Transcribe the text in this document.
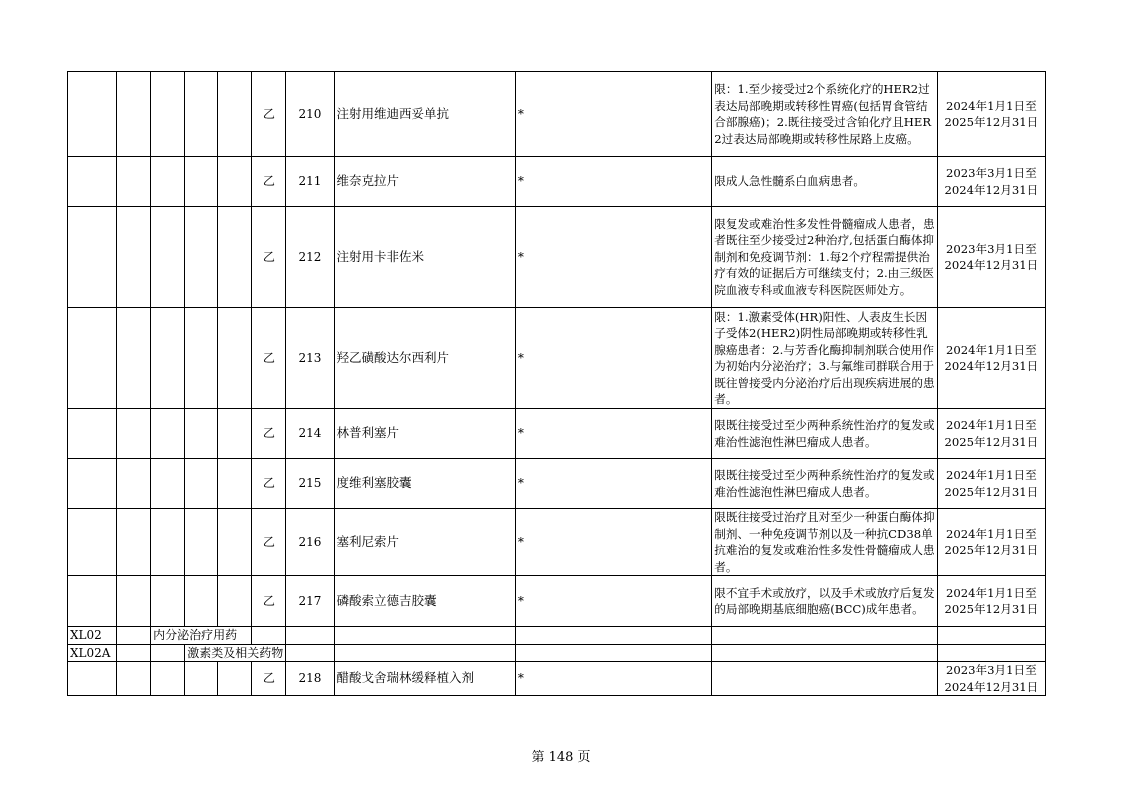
					乙	210	注射用维迪西妥单抗	*	限：1.至少接受过2个系统化疗的HER2过表达局部晚期或转移性胃癌(包括胃食管结合部腺癌)；2.既往接受过含铂化疗且HER2过表达局部晚期或转移性尿路上皮癌。	2024年1月1日至
2025年12月31日

					乙	211	维奈克拉片	*	限成人急性髓系白血病患者。	2023年3月1日至
2024年12月31日

					乙	212	注射用卡非佐米	*	限复发或难治性多发性骨髓瘤成人患者，患者既往至少接受过2种治疗,包括蛋白酶体抑制剂和免疫调节剂：1.每2个疗程需提供治疗有效的证据后方可继续支付；2.由三级医院血液专科或血液专科医院医师处方。	2023年3月1日至
2024年12月31日

					乙	213	羟乙磺酸达尔西利片	*	限：1.激素受体(HR)阳性、人表皮生长因子受体2(HER2)阴性局部晚期或转移性乳腺癌患者：2.与芳香化酶抑制剂联合使用作为初始内分泌治疗；3.与氟维司群联合用于既往曾接受内分泌治疗后出现疾病进展的患者。	2024年1月1日至
2024年12月31日

					乙	214	林普利塞片	*	限既往接受过至少两种系统性治疗的复发或难治性滤泡性淋巴瘤成人患者。	2024年1月1日至
2025年12月31日

					乙	215	度维利塞胶囊	*	限既往接受过至少两种系统性治疗的复发或难治性滤泡性淋巴瘤成人患者。	2024年1月1日至
2025年12月31日

					乙	216	塞利尼索片	*	限既往接受过治疗且对至少一种蛋白酶体抑制剂、一种免疫调节剂以及一种抗CD38单抗难治的复发或难治性多发性骨髓瘤成人患者。	2024年1月1日至
2025年12月31日

					乙	217	磷酸索立德吉胶囊	*	限不宜手术或放疗，以及手术或放疗后复发的局部晚期基底细胞癌(BCC)成年患者。	2024年1月1日至
2025年12月31日

XL02		内分泌治疗用药								
XL02A			激素类及相关药物							
					乙	218	醋酸戈舍瑞林缓释植入剂	*		2023年3月1日至
2024年12月31日
第 148 页
